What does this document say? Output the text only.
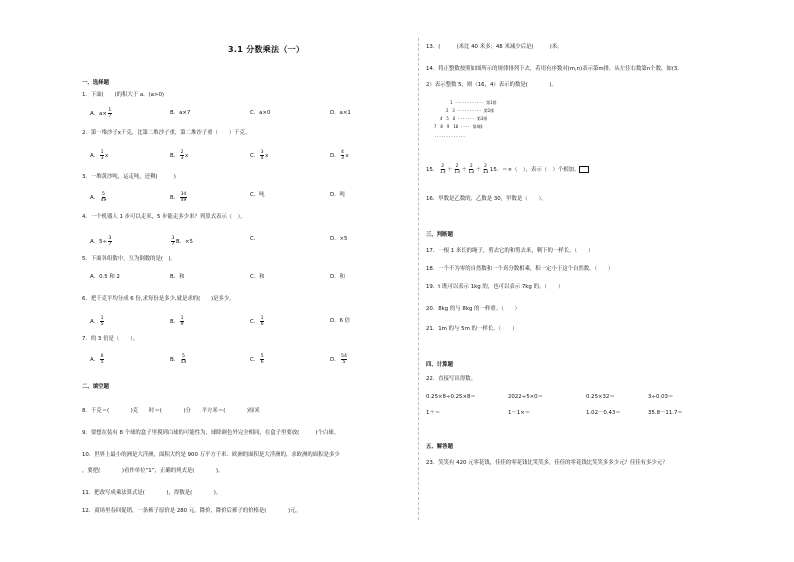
3.1 分数乘法（一）
一、选择题
1．下面(　　)的积大于 a．(a>0)
A．$a\times \frac{1}{7}$	B．a×7	C．a×0	D．a×1
2．第一堆沙子x千克，比第二堆沙子重，第二堆沙子重（　　）千克。
A． $\frac{1}{3}$ x	B． $\frac{2}{3}$ x	C． $\frac{3}{4}$ x	D． $\frac{4}{3}$ x
3．一堆黄沙吨，运走吨，还剩(　　　)
A． $\frac{5}{49}$	B． $\frac{34}{49}$	C．吨	D．吨
4．一个机器人 1 步可以走米，5 步能走多少米？列算式表示（　）。
A．$5\div \frac{3}{7}$	$\frac{3}{7}$ B．×5	C．	D．×5
5．下面各组数中，互为倒数的是(　)。
A．0.5 和 2	B．和	C．和	D．和
6．把千克平均分成 6 份,求每份是多少,就是求的(　　)是多少。
A． $\frac{1}{5}$	B． $\frac{1}{9}$	C． $\frac{1}{6}$	D．6 倍
7．的 3 倍是（　　）。
A． $\frac{6}{5}$	B． $\frac{5}{54}$	C． $\frac{5}{6}$	D． $\frac{54}{5}$
二、填空题
8．千克＝(　　　　)克　　时＝(　　　　)分　　平方米＝(　　　　)厘米
9．要想在装有 8 个球的盒子里摸到白球的可能性为，球除颜色外完全相同，在盒子里要放(　　　)个白球。
10．世界上最小的洲是大洋洲，面积大约是 900 万平方千米．欧洲的面积是大洋洲的，求欧洲的面积是多少
，要把(　　　　)看作单位“1”，正确的列式是(　　　　)。
11．把改写成乘法算式是(　　　　)，得数是(　　　　)。
12．商场里春回促销，一条裤子原价是 280 元，降价，降价后裤子的价格是(　　　　)元。
13．(　　　)米比 40 米多；48 米减少后是(　　　)米。
14．将正整数按照如图所示的规律排列下去，若用有序数对(m,n)表示第m排，从左往右数第n个数，如(3,
2）表示整数 5，则（16，4）表示的数是(　　　　)。
1 ············ 第1排
2　3 ·········· 第2排
4　5　6 ······· 第3排
7　8　9　10 ···· 第4排
·············
15． $\frac{2}{13} + \frac{2}{13} + \frac{2}{13} + \frac{2}{13} 15$．＝×（　），表示（　）个相加。
16．甲数是乙数的，乙数是 30，甲数是（　　）。
三、判断题
17．一根 1 米长的绳子，剪去它的和剪去米，剩下的一样长。（　　）
18．一个不为零的自然数和一个真分数相乘，积一定小于这个自然数。（　　）
19．t 既可以表示 1kg 的，也可以表示 7kg 的。（　　）
20．8kg 的与 8kg 的一样重。（　　）
21．1m 的与 5m 的一样长。（　　）
四、计算题
22．直接写出得数。
0.25×8÷0.25×8＝	2022÷5×0＝	0.25×32＝	3÷0.03＝
1＋＝	1－1×＝	1.02－0.43＝	35.8－11.7＝
五、解答题
23．笑笑有 420 元零花钱，佳佳的零花钱比笑笑多，佳佳的零花钱比笑笑多多少元？佳佳有多少元？
